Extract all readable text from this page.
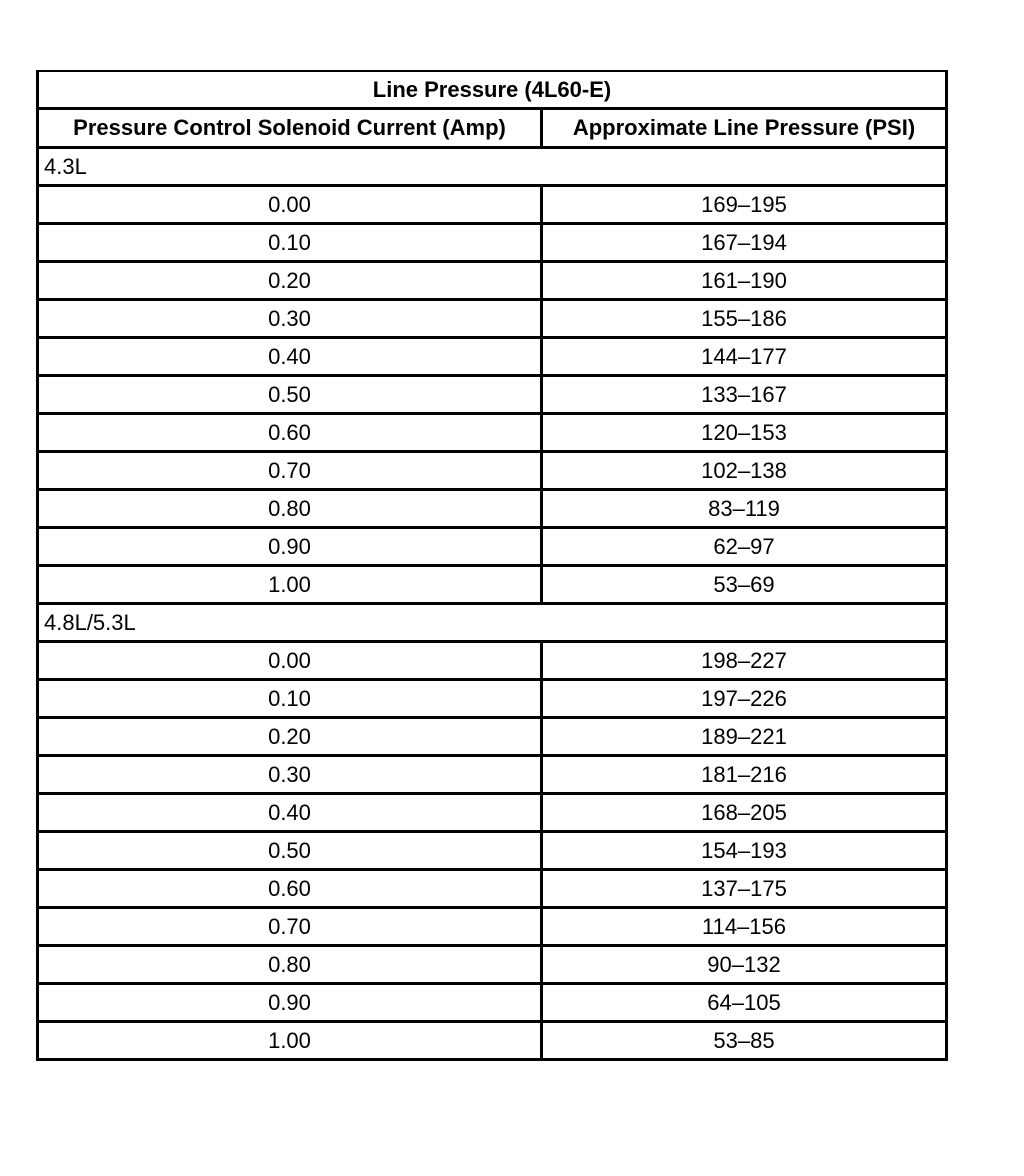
Line Pressure (4L60-E)	
Pressure Control Solenoid Current (Amp)	Approximate Line Pressure (PSI)
4.3L	
0.00	169–195
0.10	167–194
0.20	161–190
0.30	155–186
0.40	144–177
0.50	133–167
0.60	120–153
0.70	102–138
0.80	83–119
0.90	62–97
1.00	53–69
4.8L/5.3L	
0.00	198–227
0.10	197–226
0.20	189–221
0.30	181–216
0.40	168–205
0.50	154–193
0.60	137–175
0.70	114–156
0.80	90–132
0.90	64–105
1.00	53–85
